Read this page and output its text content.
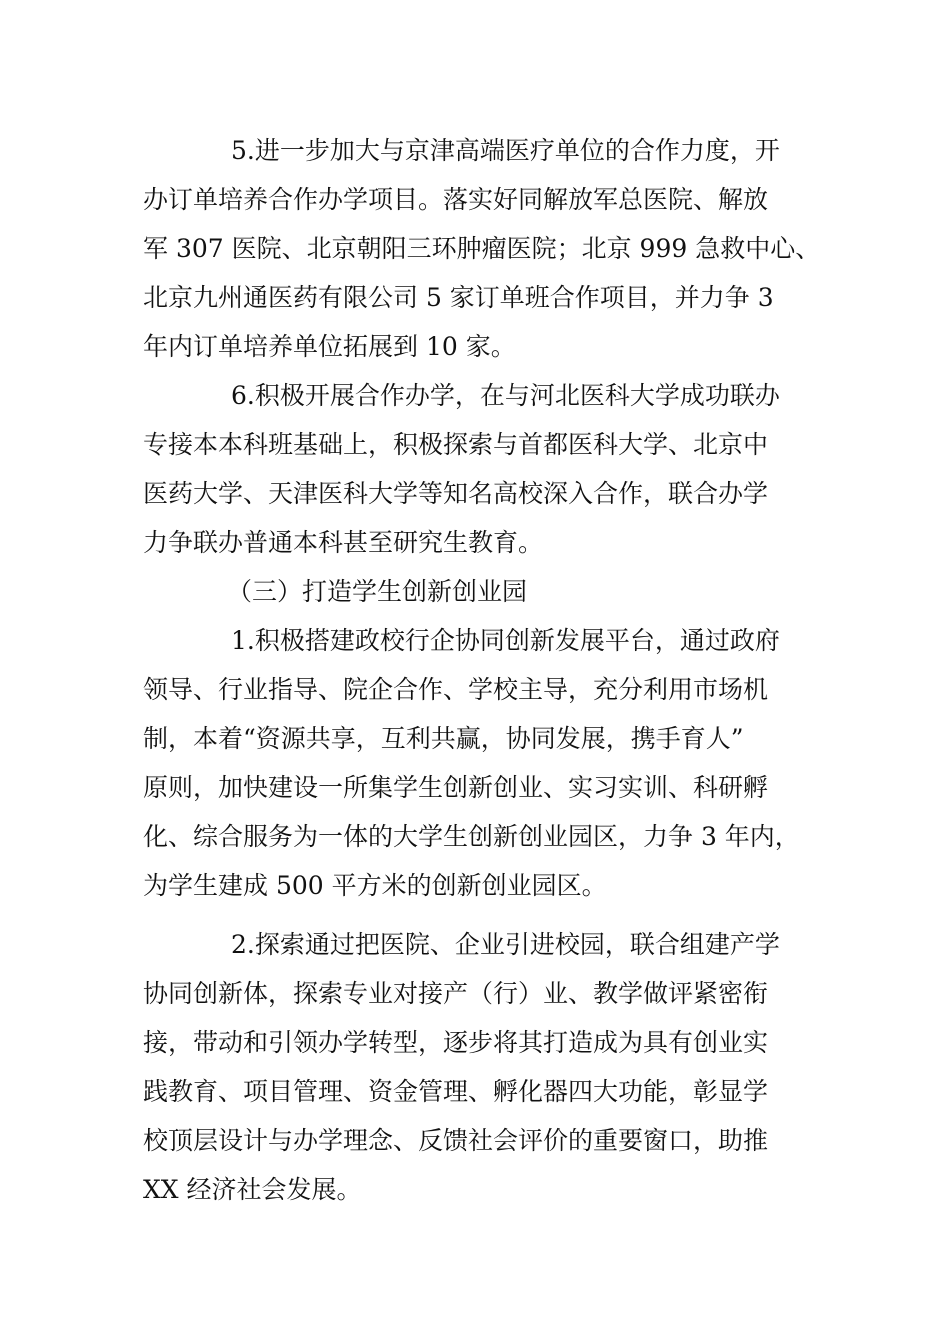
5.进一步加大与京津高端医疗单位的合作力度，开
办订单培养合作办学项目。落实好同解放军总医院、解放
军 307 医院、北京朝阳三环肿瘤医院；北京 999 急救中心、
北京九州通医药有限公司 5 家订单班合作项目，并力争 3
年内订单培养单位拓展到 10 家。
6.积极开展合作办学，在与河北医科大学成功联办
专接本本科班基础上，积极探索与首都医科大学、北京中
医药大学、天津医科大学等知名高校深入合作，联合办学
力争联办普通本科甚至研究生教育。
（三）打造学生创新创业园
1.积极搭建政校行企协同创新发展平台，通过政府
领导、行业指导、院企合作、学校主导，充分利用市场机
制，本着“资源共享，互利共赢，协同发展，携手育人”
原则，加快建设一所集学生创新创业、实习实训、科研孵
化、综合服务为一体的大学生创新创业园区，力争 3 年内，
为学生建成 500 平方米的创新创业园区。
2.探索通过把医院、企业引进校园，联合组建产学
协同创新体，探索专业对接产（行）业、教学做评紧密衔
接，带动和引领办学转型，逐步将其打造成为具有创业实
践教育、项目管理、资金管理、孵化器四大功能，彰显学
校顶层设计与办学理念、反馈社会评价的重要窗口，助推
XX 经济社会发展。
